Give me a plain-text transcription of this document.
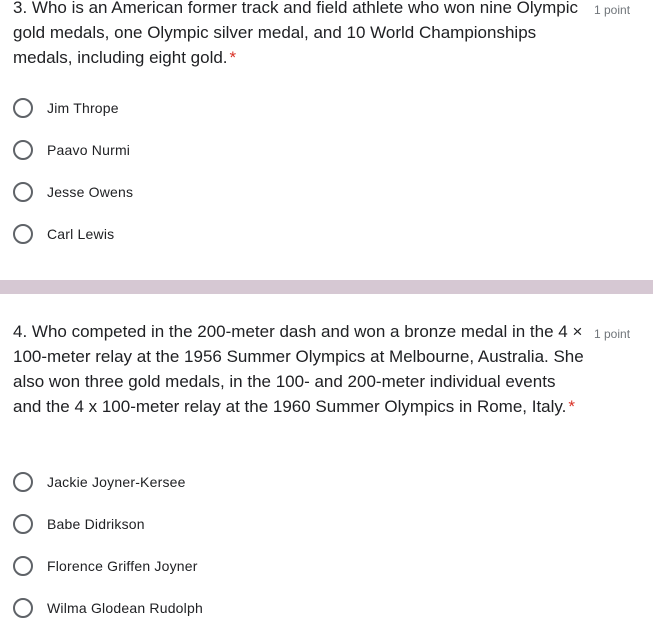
3. Who is an American former track and field athlete who won nine Olympic gold medals, one Olympic silver medal, and 10 World Championships medals, including eight gold. *
1 point
Jim Thrope
Paavo Nurmi
Jesse Owens
Carl Lewis
4. Who competed in the 200-meter dash and won a bronze medal in the 4 × 100-meter relay at the 1956 Summer Olympics at Melbourne, Australia. She also won three gold medals, in the 100- and 200-meter individual events and the 4 x 100-meter relay at the 1960 Summer Olympics in Rome, Italy. *
1 point
Jackie Joyner-Kersee
Babe Didrikson
Florence Griffen Joyner
Wilma Glodean Rudolph
